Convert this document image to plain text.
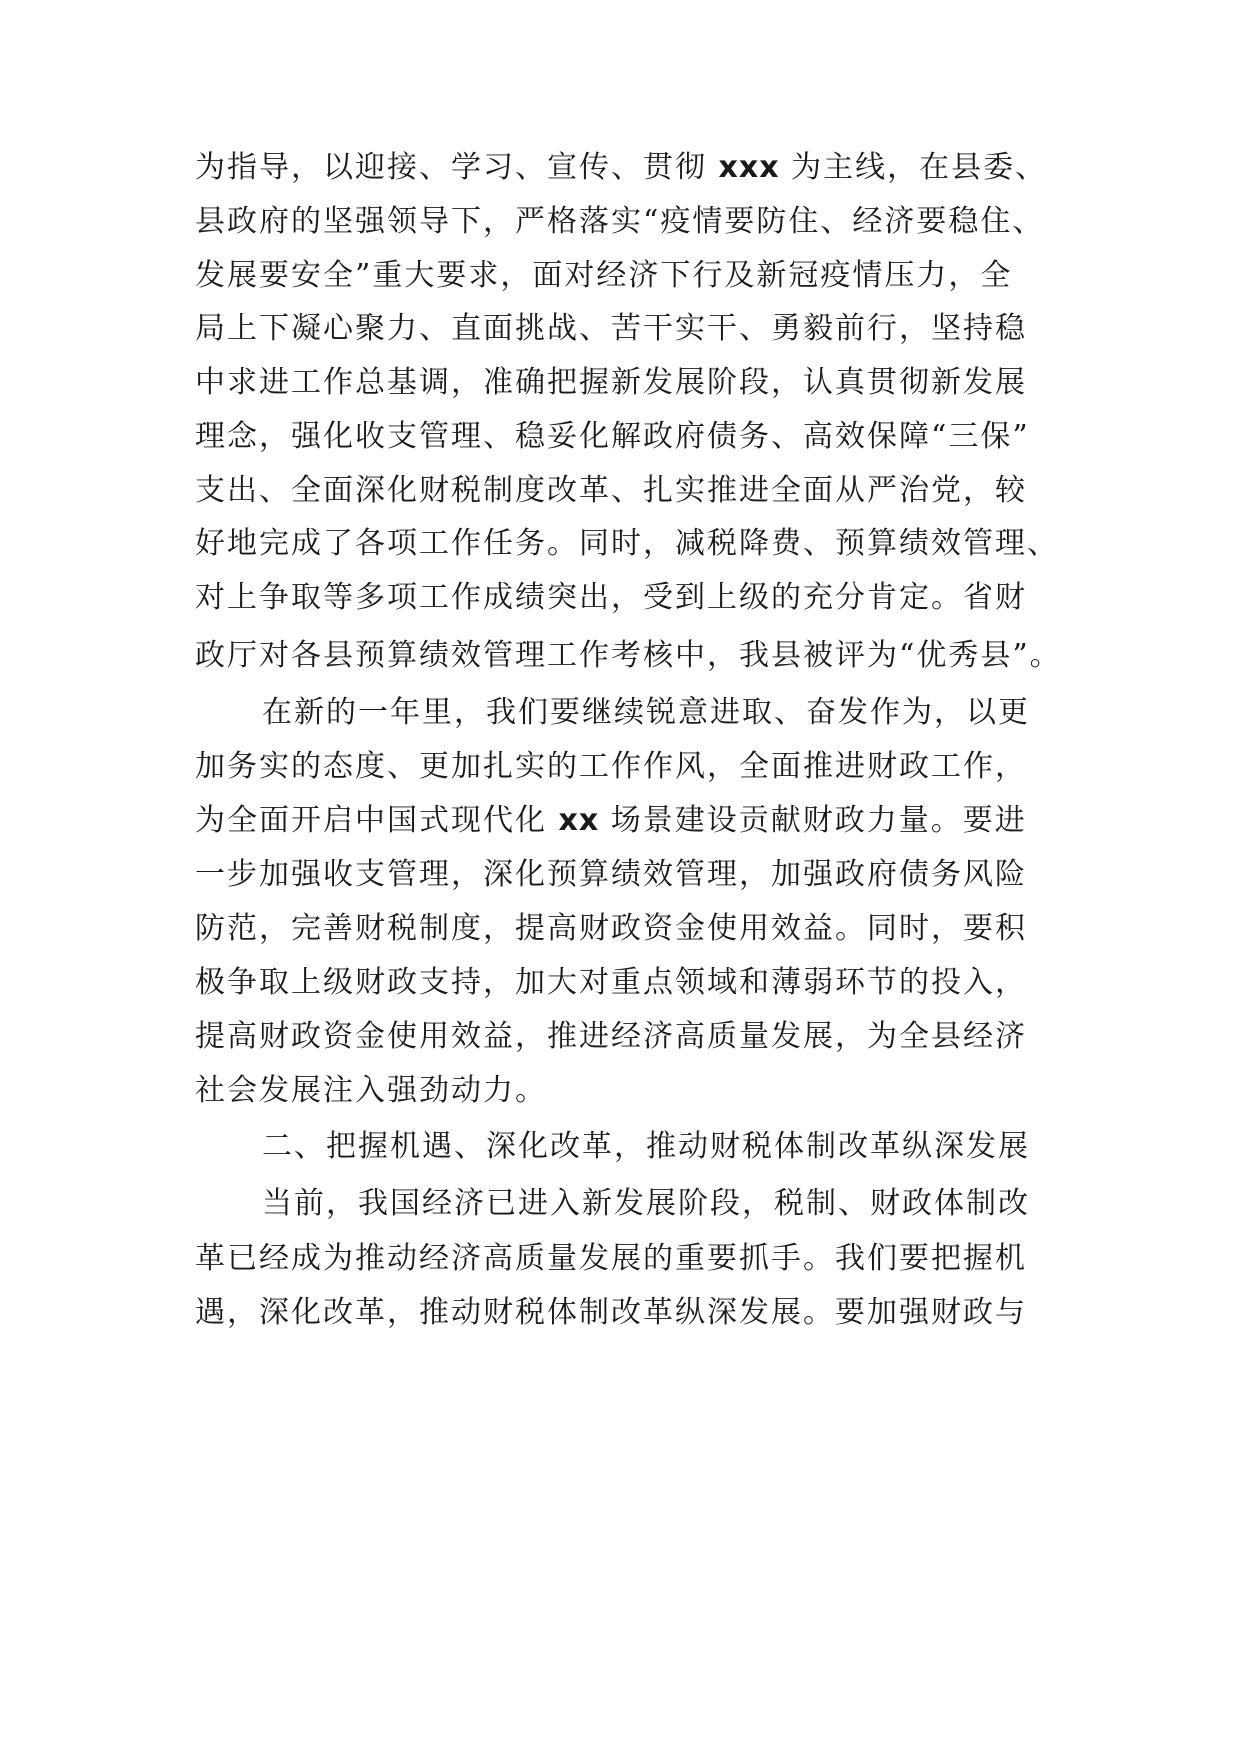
为指导，以迎接、学习、宣传、贯彻 xxx 为主线，在县委、
县政府的坚强领导下，严格落实“疫情要防住、经济要稳住、
发展要安全”重大要求，面对经济下行及新冠疫情压力，全
局上下凝心聚力、直面挑战、苦干实干、勇毅前行，坚持稳
中求进工作总基调，准确把握新发展阶段，认真贯彻新发展
理念，强化收支管理、稳妥化解政府债务、高效保障“三保”
支出、全面深化财税制度改革、扎实推进全面从严治党，较
好地完成了各项工作任务。同时，减税降费、预算绩效管理、
对上争取等多项工作成绩突出，受到上级的充分肯定。省财
政厅对各县预算绩效管理工作考核中，我县被评为“优秀县”。
在新的一年里，我们要继续锐意进取、奋发作为，以更
加务实的态度、更加扎实的工作作风，全面推进财政工作，
为全面开启中国式现代化 xx 场景建设贡献财政力量。要进
一步加强收支管理，深化预算绩效管理，加强政府债务风险
防范，完善财税制度，提高财政资金使用效益。同时，要积
极争取上级财政支持，加大对重点领域和薄弱环节的投入，
提高财政资金使用效益，推进经济高质量发展，为全县经济
社会发展注入强劲动力。
二、把握机遇、深化改革，推动财税体制改革纵深发展
当前，我国经济已进入新发展阶段，税制、财政体制改
革已经成为推动经济高质量发展的重要抓手。我们要把握机
遇，深化改革，推动财税体制改革纵深发展。要加强财政与
